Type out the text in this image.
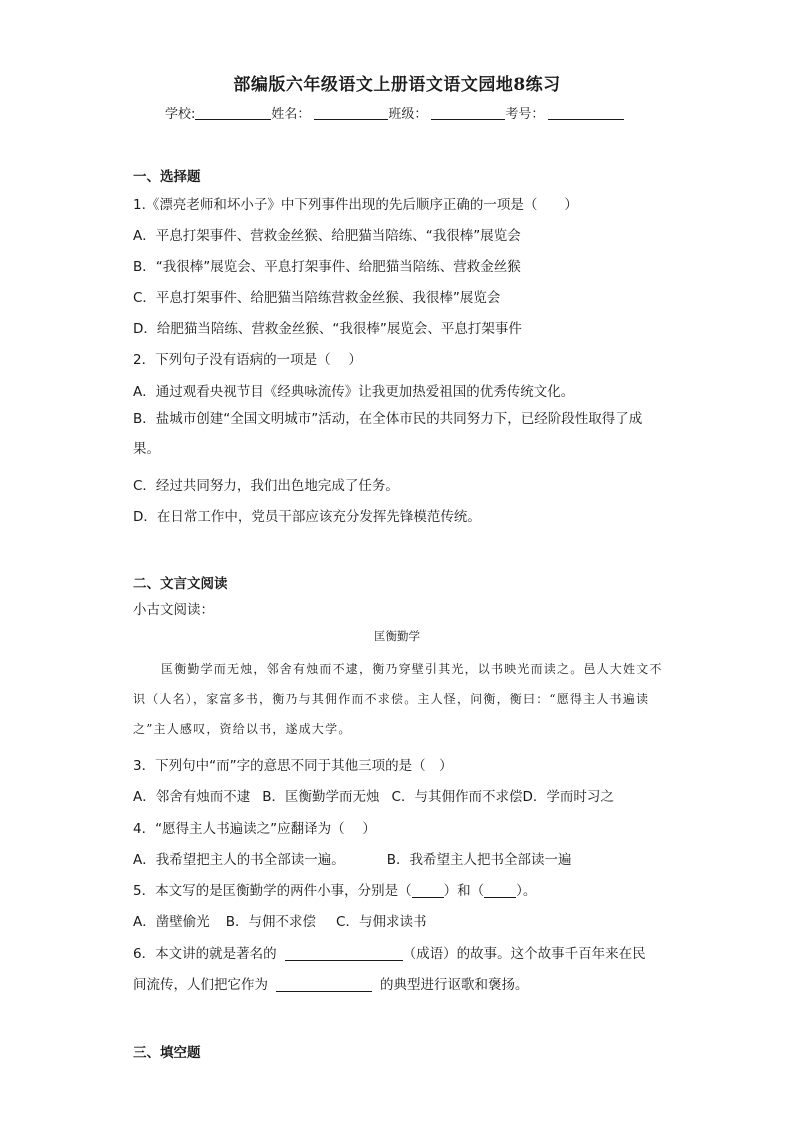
部编版六年级语文上册语文语文园地8练习
学校:	姓名：	班级：	考号：
一、选择题
1.《漂亮老师和坏小子》中下列事件出现的先后顺序正确的一项是（　　）
A．平息打架事件、营救金丝猴、给肥猫当陪练、“我很棒”展览会
B．“我很棒”展览会、平息打架事件、给肥猫当陪练、营救金丝猴
C．平息打架事件、给肥猫当陪练营救金丝猴、我很棒”展览会
D．给肥猫当陪练、营救金丝猴、“我很棒”展览会、平息打架事件
2．下列句子没有语病的一项是（　 ）
A．通过观看央视节目《经典咏流传》让我更加热爱祖国的优秀传统文化。
B．盐城市创建“全国文明城市”活动，在全体市民的共同努力下，已经阶段性取得了成果。
C．经过共同努力，我们出色地完成了任务。
D．在日常工作中，党员干部应该充分发挥先锋模范传统。
二、文言文阅读
小古文阅读：
匡衡勤学
匡衡勤学而无烛，邻舍有烛而不逮，衡乃穿壁引其光，以书映光而读之。邑人大姓文不识（人名），家富多书，衡乃与其佣作而不求偿。主人怪，问衡，衡曰：“愿得主人书遍读之”主人感叹，资给以书，遂成大学。
3．下列句中“而”字的意思不同于其他三项的是（　）
A．邻舍有烛而不逮 B．匡衡勤学而无烛 C．与其佣作而不求偿D．学而时习之
4．“愿得主人书遍读之”应翻译为（　 ）
A．我希望把主人的书全部读一遍。	B．我希望主人把书全部读一遍
5．本文写的是匡衡勤学的两件小事，分别是（ ）和（ ）。
A．凿壁偷光 B．与佣不求偿 C．与佣求读书
6．本文讲的就是著名的	（成语）的故事。这个故事千百年来在民
间流传，人们把它作为	的典型进行讴歌和褒扬。
三、填空题
